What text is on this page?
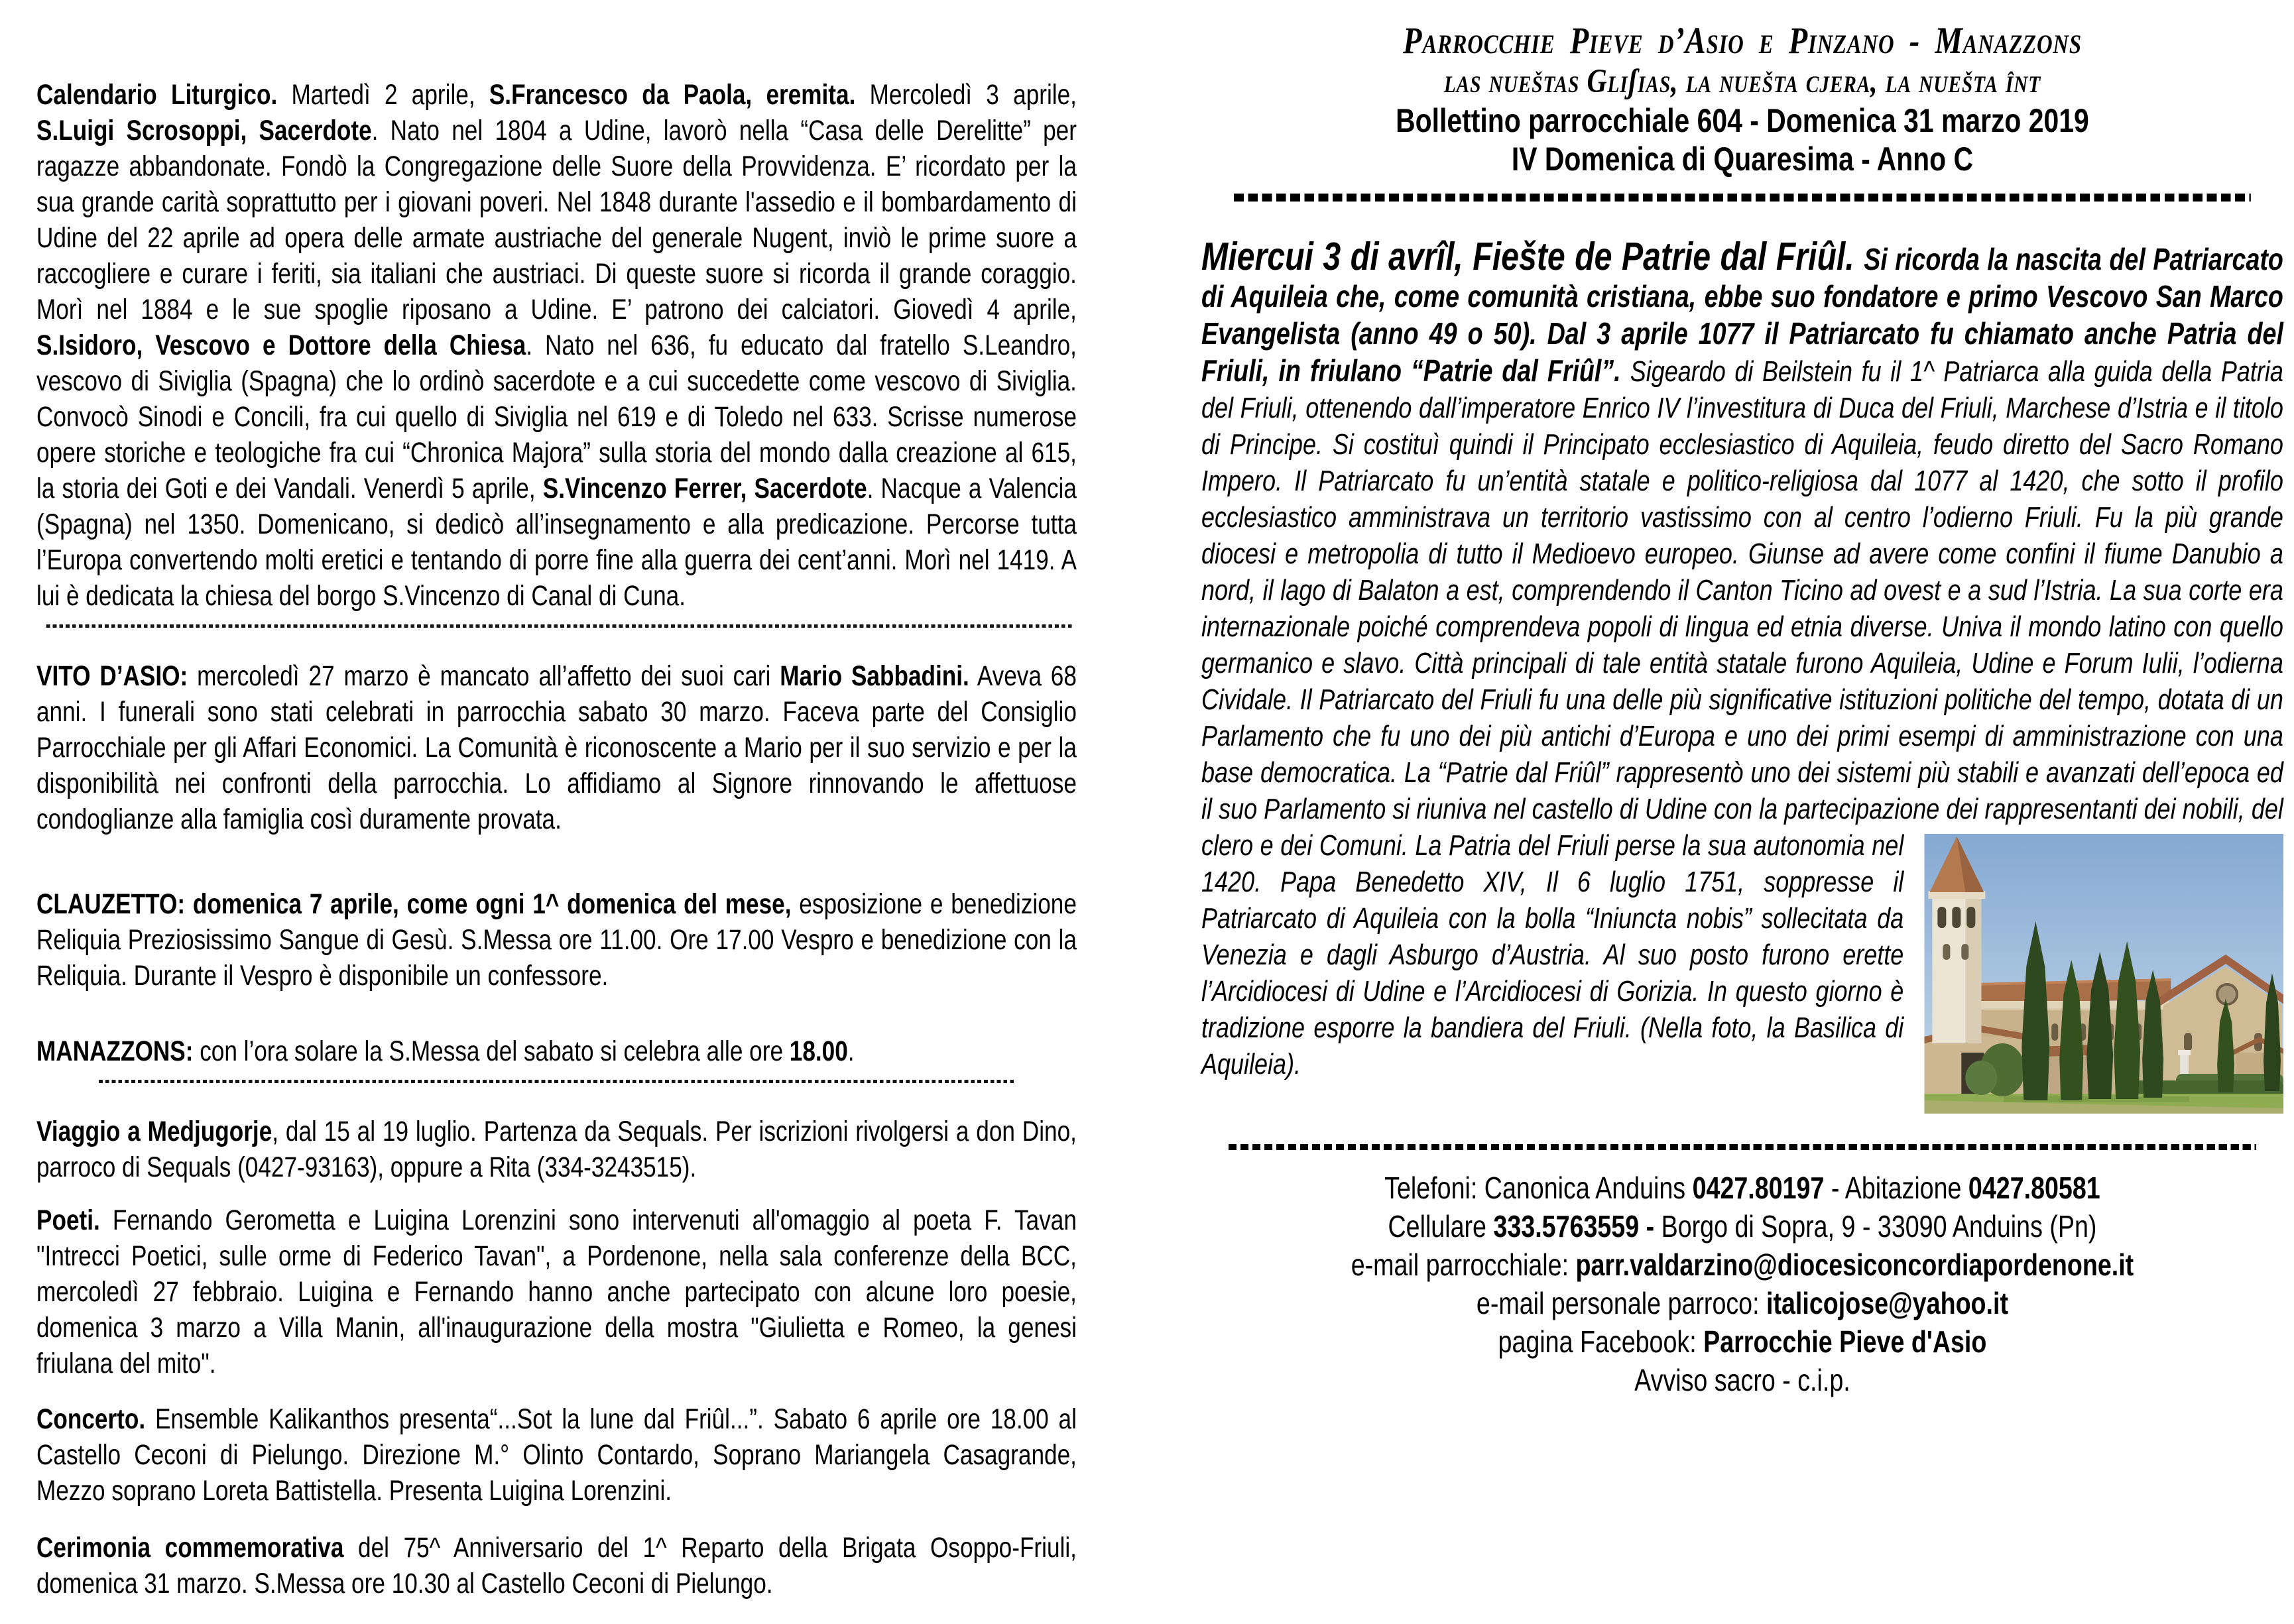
Calendario Liturgico. Martedì 2 aprile, S.Francesco da Paola, eremita. Mercoledì 3 aprile, S.Luigi Scrosoppi, Sacerdote. Nato nel 1804 a Udine, lavorò nella “Casa delle Derelitte” per ragazze abbandonate. Fondò la Congregazione delle Suore della Provvidenza. E’ ricordato per la sua grande carità soprattutto per i giovani poveri. Nel 1848 durante l'assedio e il bombardamento di Udine del 22 aprile ad opera delle armate austriache del generale Nugent, inviò le prime suore a raccogliere e curare i feriti, sia italiani che austriaci. Di queste suore si ricorda il grande coraggio. Morì nel 1884 e le sue spoglie riposano a Udine. E’ patrono dei calciatori. Giovedì 4 aprile, S.Isidoro, Vescovo e Dottore della Chiesa. Nato nel 636, fu educato dal fratello S.Leandro, vescovo di Siviglia (Spagna) che lo ordinò sacerdote e a cui succedette come vescovo di Siviglia. Convocò Sinodi e Concili, fra cui quello di Siviglia nel 619 e di Toledo nel 633. Scrisse numerose opere storiche e teologiche fra cui “Chronica Majora” sulla storia del mondo dalla creazione al 615, la storia dei Goti e dei Vandali. Venerdì 5 aprile, S.Vincenzo Ferrer, Sacerdote. Nacque a Valencia (Spagna) nel 1350. Domenicano, si dedicò all’insegnamento e alla predicazione. Percorse tutta l’Europa convertendo molti eretici e tentando di porre fine alla guerra dei cent’anni. Morì nel 1419. A lui è dedicata la chiesa del borgo S.Vincenzo di Canal di Cuna.
VITO D’ASIO: mercoledì 27 marzo è mancato all’affetto dei suoi cari Mario Sabbadini. Aveva 68 anni. I funerali sono stati celebrati in parrocchia sabato 30 marzo. Faceva parte del Consiglio Parrocchiale per gli Affari Economici. La Comunità è riconoscente a Mario per il suo servizio e per la disponibilità nei confronti della parrocchia. Lo affidiamo al Signore rinnovando le affettuose condoglianze alla famiglia così duramente provata.
CLAUZETTO: domenica 7 aprile, come ogni 1^ domenica del mese, esposizione e benedizione Reliquia Preziosissimo Sangue di Gesù. S.Messa ore 11.00. Ore 17.00 Vespro e benedizione con la Reliquia. Durante il Vespro è disponibile un confessore.
MANAZZONS: con l’ora solare la S.Messa del sabato si celebra alle ore 18.00.
Viaggio a Medjugorje, dal 15 al 19 luglio. Partenza da Sequals. Per iscrizioni rivolgersi a don Dino, parroco di Sequals (0427-93163), oppure a Rita (334-3243515).
Poeti. Fernando Gerometta e Luigina Lorenzini sono intervenuti all'omaggio al poeta F. Tavan "Intrecci Poetici, sulle orme di Federico Tavan", a Pordenone, nella sala conferenze della BCC, mercoledì 27 febbraio. Luigina e Fernando hanno anche partecipato con alcune loro poesie, domenica 3 marzo a Villa Manin, all'inaugurazione della mostra "Giulietta e Romeo, la genesi friulana del mito".
Concerto. Ensemble Kalikanthos presenta“...Sot la lune dal Friûl...”. Sabato 6 aprile ore 18.00 al Castello Ceconi di Pielungo. Direzione M.° Olinto Contardo, Soprano Mariangela Casagrande, Mezzo soprano Loreta Battistella. Presenta Luigina Lorenzini.
Cerimonia commemorativa del 75^ Anniversario del 1^ Reparto della Brigata Osoppo-Friuli, domenica 31 marzo. S.Messa ore 10.30 al Castello Ceconi di Pielungo.
Parrocchie Pieve d’Asio e Pinzano - Manazzons
las nueštas Gliʃias, la nuešta cjera, la nuešta înt
Bollettino parrocchiale 604 - Domenica 31 marzo 2019
IV Domenica di Quaresima - Anno C
Miercui 3 di avrîl, Fiešte de Patrie dal Friûl. Si ricorda la nascita del Patriarcato di Aquileia che, come comunità cristiana, ebbe suo fondatore e primo Vescovo San Marco Evangelista (anno 49 o 50). Dal 3 aprile 1077 il Patriarcato fu chiamato anche Patria del Friuli, in friulano “Patrie dal Friûl”. Sigeardo di Beilstein fu il 1^ Patriarca alla guida della Patria del Friuli, ottenendo dall’imperatore Enrico IV l’investitura di Duca del Friuli, Marchese d’Istria e il titolo di Principe. Si costituì quindi il Principato ecclesiastico di Aquileia, feudo diretto del Sacro Romano Impero. Il Patriarcato fu un’entità statale e politico-religiosa dal 1077 al 1420, che sotto il profilo ecclesiastico amministrava un territorio vastissimo con al centro l’odierno Friuli. Fu la più grande diocesi e metropolia di tutto il Medioevo europeo. Giunse ad avere come confini il fiume Danubio a nord, il lago di Balaton a est, comprendendo il Canton Ticino ad ovest e a sud l’Istria. La sua corte era internazionale poiché comprendeva popoli di lingua ed etnia diverse. Univa il mondo latino con quello germanico e slavo. Città principali di tale entità statale furono Aquileia, Udine e Forum Iulii, l’odierna Cividale. Il Patriarcato del Friuli fu una delle più significative istituzioni politiche del tempo, dotata di un Parlamento che fu uno dei più antichi d’Europa e uno dei primi esempi di amministrazione con una base democratica. La “Patrie dal Friûl” rappresentò uno dei sistemi più stabili e avanzati dell’epoca ed il suo Parlamento si riuniva nel castello di Udine con la partecipazione dei rappresentanti dei nobili, del clero e dei
Comuni. La Patria del Friuli perse la sua autonomia nel 1420. Papa Benedetto XIV, Il 6 luglio 1751, soppresse il Patriarcato di Aquileia con la bolla “Iniuncta nobis” sollecitata da Venezia e dagli Asburgo d’Austria. Al suo posto furono erette l’Arcidiocesi di Udine e l’Arcidiocesi di Gorizia. In questo giorno è tradizione esporre la bandiera del Friuli. (Nella foto, la Basilica di Aquileia).
Telefoni: Canonica Anduins 0427.80197 - Abitazione 0427.80581
Cellulare 333.5763559 - Borgo di Sopra, 9 - 33090 Anduins (Pn)
e-mail parrocchiale: parr.valdarzino@diocesiconcordiapordenone.it
e-mail personale parroco: italicojose@yahoo.it
pagina Facebook: Parrocchie Pieve d'Asio
Avviso sacro - c.i.p.
